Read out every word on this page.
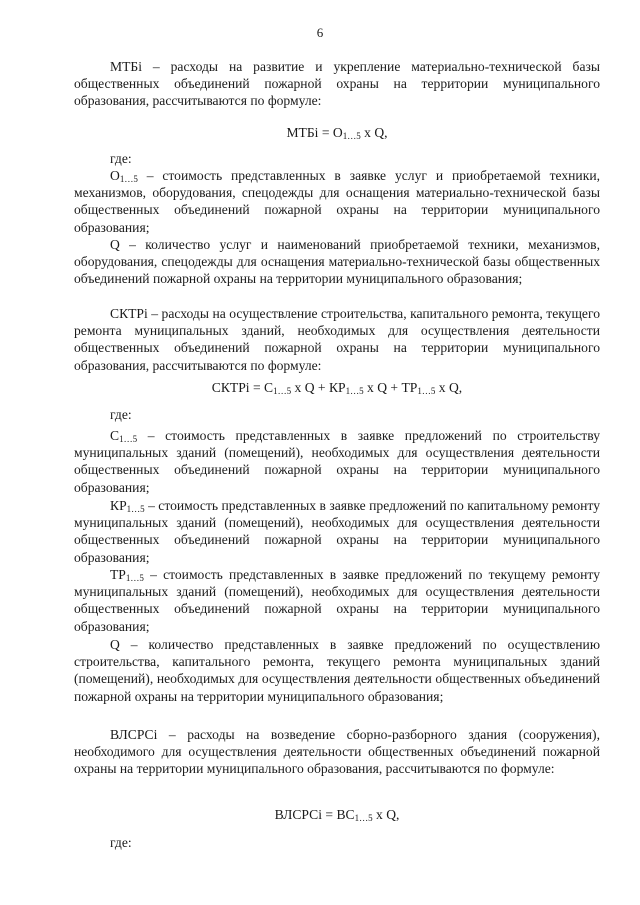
6

МТБi – расходы на развитие и укрепление материально-технической базы общественных объединений пожарной охраны на территории муниципального образования, рассчитываются по формуле:

МТБi = $О_{1\dots 5}$ х Q,

где:

$О_{1\dots 5}$ – стоимость представленных в заявке услуг и приобретаемой техники, механизмов, оборудования, спецодежды для оснащения материально-технической базы общественных объединений пожарной охраны на территории муниципального образования;

Q – количество услуг и наименований приобретаемой техники, механизмов, оборудования, спецодежды для оснащения материально-технической базы общественных объединений пожарной охраны на территории муниципального образования;

СКТРi – расходы на осуществление строительства, капитального ремонта, текущего ремонта муниципальных зданий, необходимых для осуществления деятельности общественных объединений пожарной охраны на территории муниципального образования, рассчитываются по формуле:

СКТРi = $С_{1\dots 5}$ х $Q + КР_{1\dots 5}$ х $Q + ТР_{1\dots 5}$ х Q,

где:

$С_{1\dots 5}$ – стоимость представленных в заявке предложений по строительству муниципальных зданий (помещений), необходимых для осуществления деятельности общественных объединений пожарной охраны на территории муниципального образования;

$КР_{1\dots 5}$ – стоимость представленных в заявке предложений по капитальному ремонту муниципальных зданий (помещений), необходимых для осуществления деятельности общественных объединений пожарной охраны на территории муниципального образования;

$ТР_{1\dots 5}$ – стоимость представленных в заявке предложений по текущему ремонту муниципальных зданий (помещений), необходимых для осуществления деятельности общественных объединений пожарной охраны на территории муниципального образования;

Q – количество представленных в заявке предложений по осуществлению строительства, капитального ремонта, текущего ремонта муниципальных зданий (помещений), необходимых для осуществления деятельности общественных объединений пожарной охраны на территории муниципального образования;

ВЛСРСi – расходы на возведение сборно-разборного здания (сооружения), необходимого для осуществления деятельности общественных объединений пожарной охраны на территории муниципального образования, рассчитываются по формуле:

ВЛСРСi = $ВС_{1\dots 5}$ х Q,

где:
